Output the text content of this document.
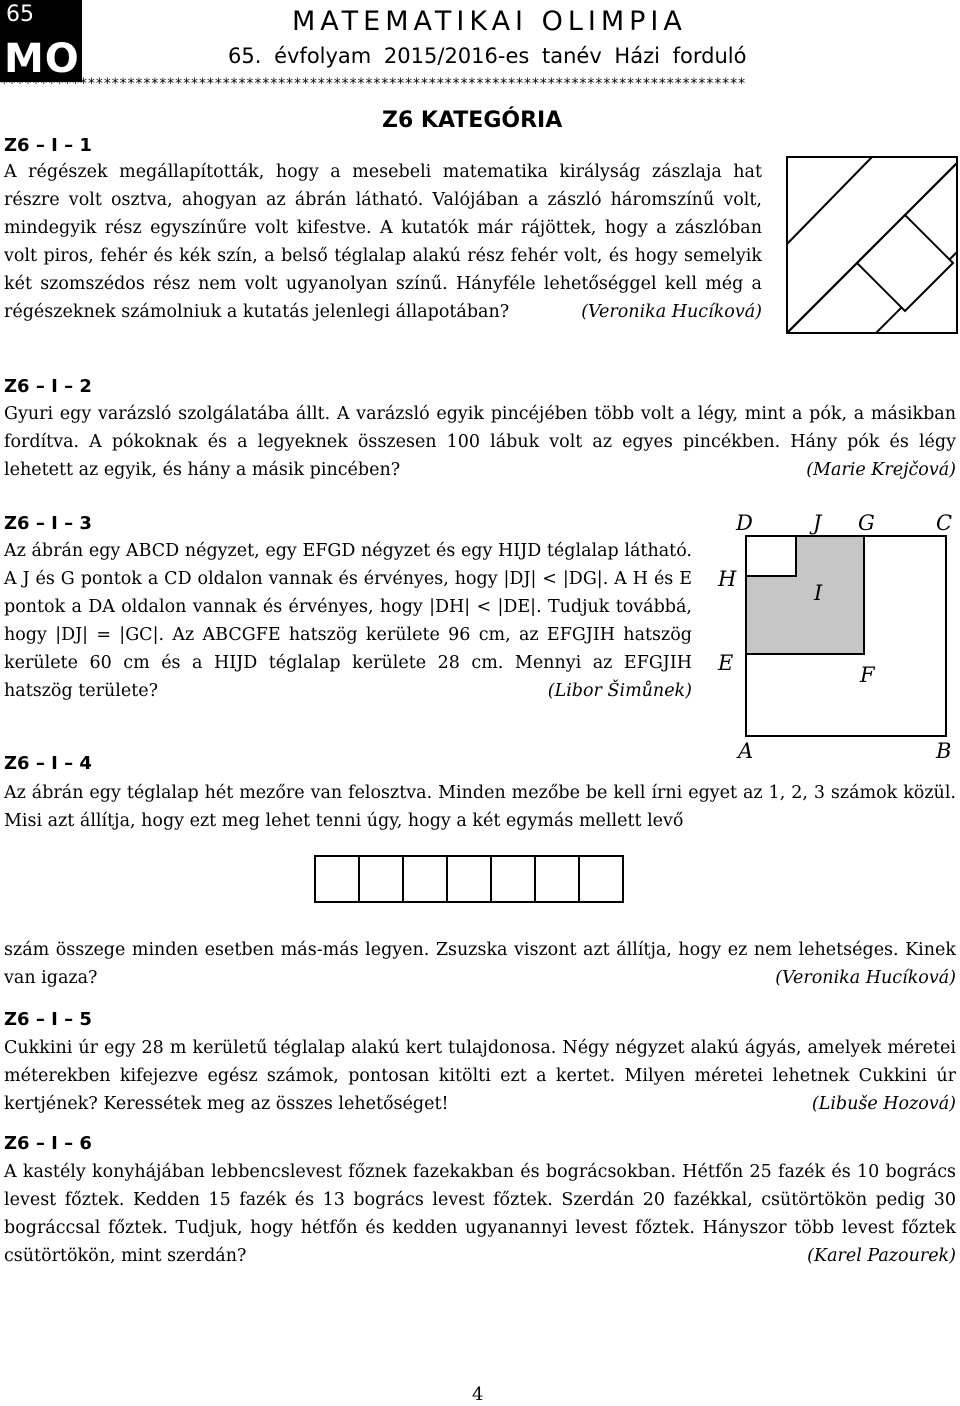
65
MO
MATEMATIKAI OLIMPIA
65. évfolyam 2015/2016-es tanév Házi forduló
**********************************************************************************************
Z6 KATEGÓRIA
Z6 – I – 1
A régészek megállapították, hogy a mesebeli matematika királyság zászlaja hat részre volt osztva, ahogyan az ábrán látható. Valójában a zászló háromszínű volt, mindegyik rész egyszínűre volt kifestve. A kutatók már rájöttek, hogy a zászlóban volt piros, fehér és kék szín, a belső téglalap alakú rész fehér volt, és hogy semelyik két szomszédos rész nem volt ugyanolyan színű. Hányféle lehetőséggel kell még a régészeknek számolniuk a kutatás jelenlegi állapotában?	(Veronika Hucíková)
Z6 – I – 2
Gyuri egy varázsló szolgálatába állt. A varázsló egyik pincéjében több volt a légy, mint a pók, a másikban fordítva. A pókoknak és a legyeknek összesen 100 lábuk volt az egyes pincékben. Hány pók és légy lehetett az egyik, és hány a másik pincében?	(Marie Krejčová)
Z6 – I – 3
Az ábrán egy ABCD négyzet, egy EFGD négyzet és egy HIJD téglalap látható. A J és G pontok a CD oldalon vannak és érvényes, hogy |DJ| < |DG|. A H és E pontok a DA oldalon vannak és érvényes, hogy |DH| < |DE|. Tudjuk továbbá, hogy |DJ| = |GC|. Az ABCGFE hatszög kerülete 96 cm, az EFGJIH hatszög kerülete 60 cm és a HIJD téglalap kerülete 28 cm. Mennyi az EFGJIH hatszög területe?	(Libor Šimůnek)
D	J G	C
H
I
E	F
A	B
Z6 – I – 4
Az ábrán egy téglalap hét mezőre van felosztva. Minden mezőbe be kell írni egyet az 1, 2, 3 számok közül. Misi azt állítja, hogy ezt meg lehet tenni úgy, hogy a két egymás mellett levő
szám összege minden esetben más-más legyen. Zsuzska viszont azt állítja, hogy ez nem lehetséges. Kinek van igaza?	(Veronika Hucíková)
Z6 – I – 5
Cukkini úr egy 28 m kerületű téglalap alakú kert tulajdonosa. Négy négyzet alakú ágyás, amelyek méretei méterekben kifejezve egész számok, pontosan kitölti ezt a kertet. Milyen méretei lehetnek Cukkini úr kertjének? Keressétek meg az összes lehetőséget!	(Libuše Hozová)
Z6 – I – 6
A kastély konyhájában lebbencslevest főznek fazekakban és bográcsokban. Hétfőn 25 fazék és 10 bogrács levest főztek. Kedden 15 fazék és 13 bogrács levest főztek. Szerdán 20 fazékkal, csütörtökön pedig 30 bográccsal főztek. Tudjuk, hogy hétfőn és kedden ugyanannyi levest főztek. Hányszor több levest főztek csütörtökön, mint szerdán?	(Karel Pazourek)
4
